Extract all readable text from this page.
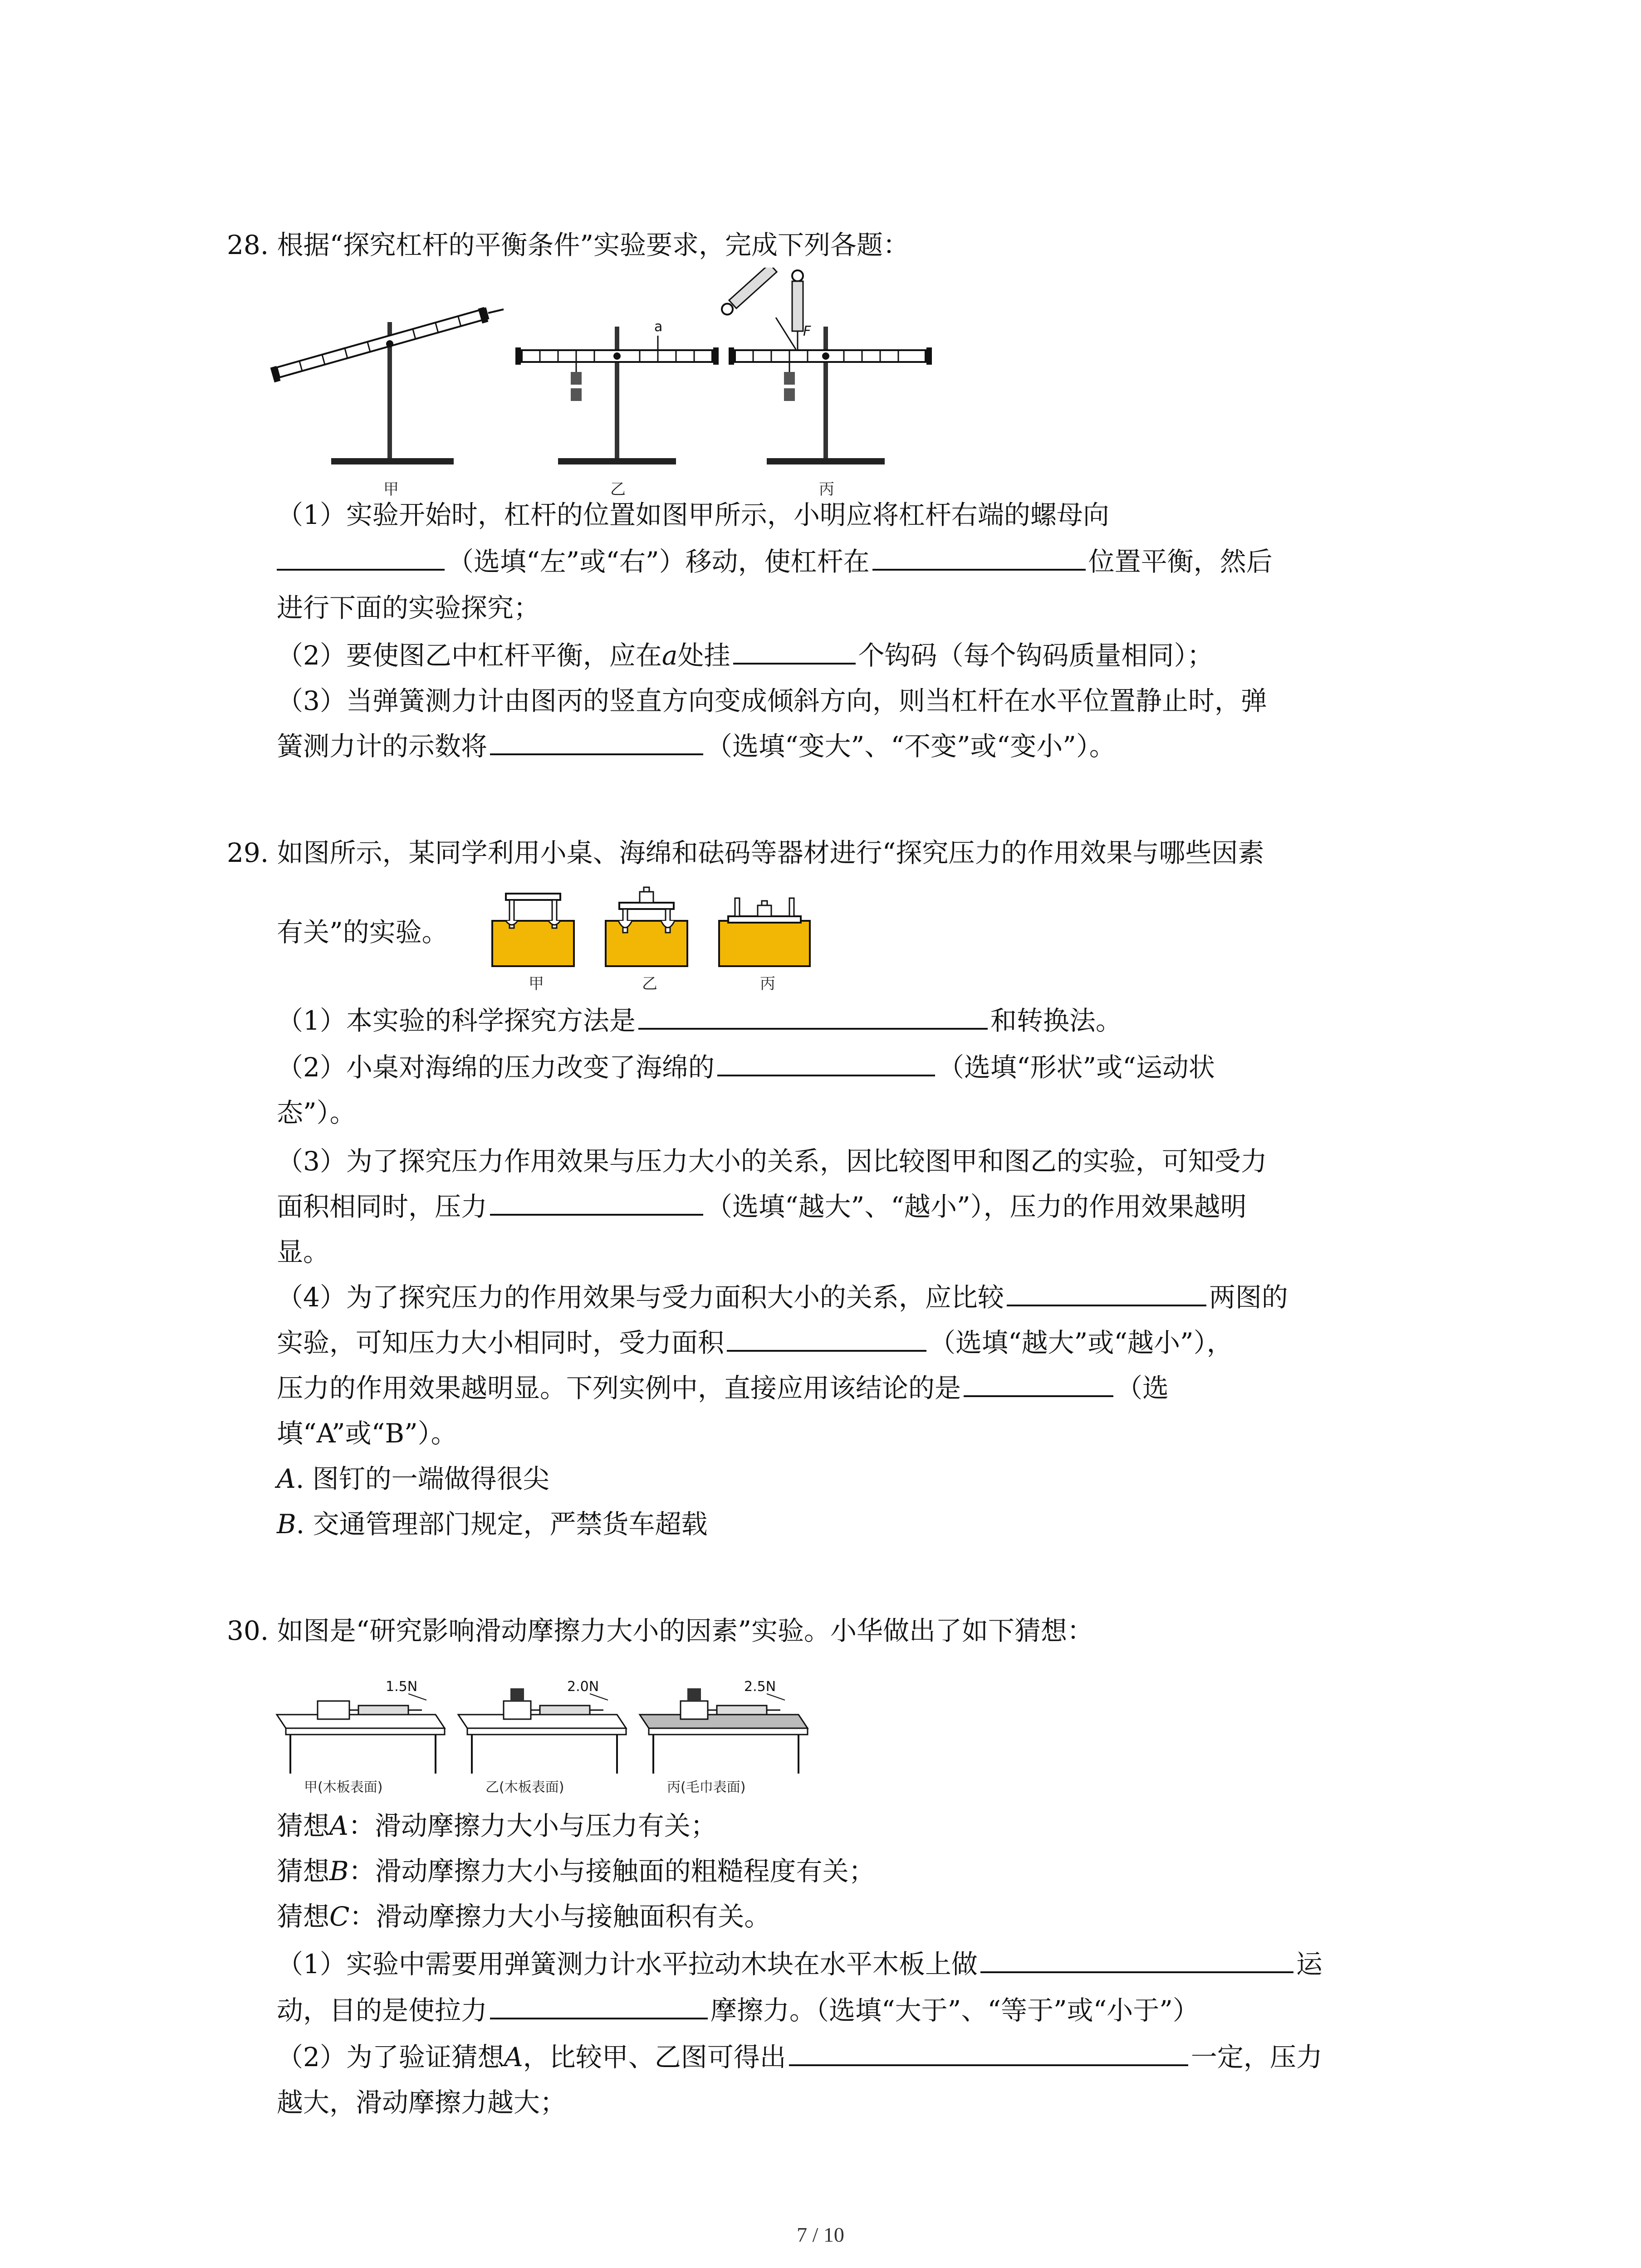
28. 根据“探究杠杆的平衡条件”实验要求，完成下列各题：
a	F
甲	乙	丙
（1）实验开始时，杠杆的位置如图甲所示，小明应将杠杆右端的螺母向
（选填“左”或“右”）移动，使杠杆在	位置平衡，然后
进行下面的实验探究；
（2）要使图乙中杠杆平衡，应在a处挂	个钩码（每个钩码质量相同）；
（3）当弹簧测力计由图丙的竖直方向变成倾斜方向，则当杠杆在水平位置静止时，弹
簧测力计的示数将	（选填“变大”、“不变”或“变小”）。
29. 如图所示，某同学利用小桌、海绵和砝码等器材进行“探究压力的作用效果与哪些因素
有关”的实验。
甲	乙	丙
（1）本实验的科学探究方法是	和转换法。
（2）小桌对海绵的压力改变了海绵的	（选填“形状”或“运动状
态”）。
（3）为了探究压力作用效果与压力大小的关系，因比较图甲和图乙的实验，可知受力
面积相同时，压力	（选填“越大”、“越小”），压力的作用效果越明
显。
（4）为了探究压力的作用效果与受力面积大小的关系，应比较	两图的
实验，可知压力大小相同时，受力面积	（选填“越大”或“越小”），
压力的作用效果越明显。下列实例中，直接应用该结论的是	（选
填“A”或“B”）。
A. 图钉的一端做得很尖
B. 交通管理部门规定，严禁货车超载
30. 如图是“研究影响滑动摩擦力大小的因素”实验。小华做出了如下猜想：
1.5N	2.0N	2.5N
甲(木板表面)	乙(木板表面)	丙(毛巾表面)
猜想A：滑动摩擦力大小与压力有关；
猜想B：滑动摩擦力大小与接触面的粗糙程度有关；
猜想C：滑动摩擦力大小与接触面积有关。
（1）实验中需要用弹簧测力计水平拉动木块在水平木板上做	运
动，目的是使拉力	摩擦力。（选填“大于”、“等于”或“小于”）
（2）为了验证猜想A，比较甲、乙图可得出	一定，压力
越大，滑动摩擦力越大；
7 / 10
